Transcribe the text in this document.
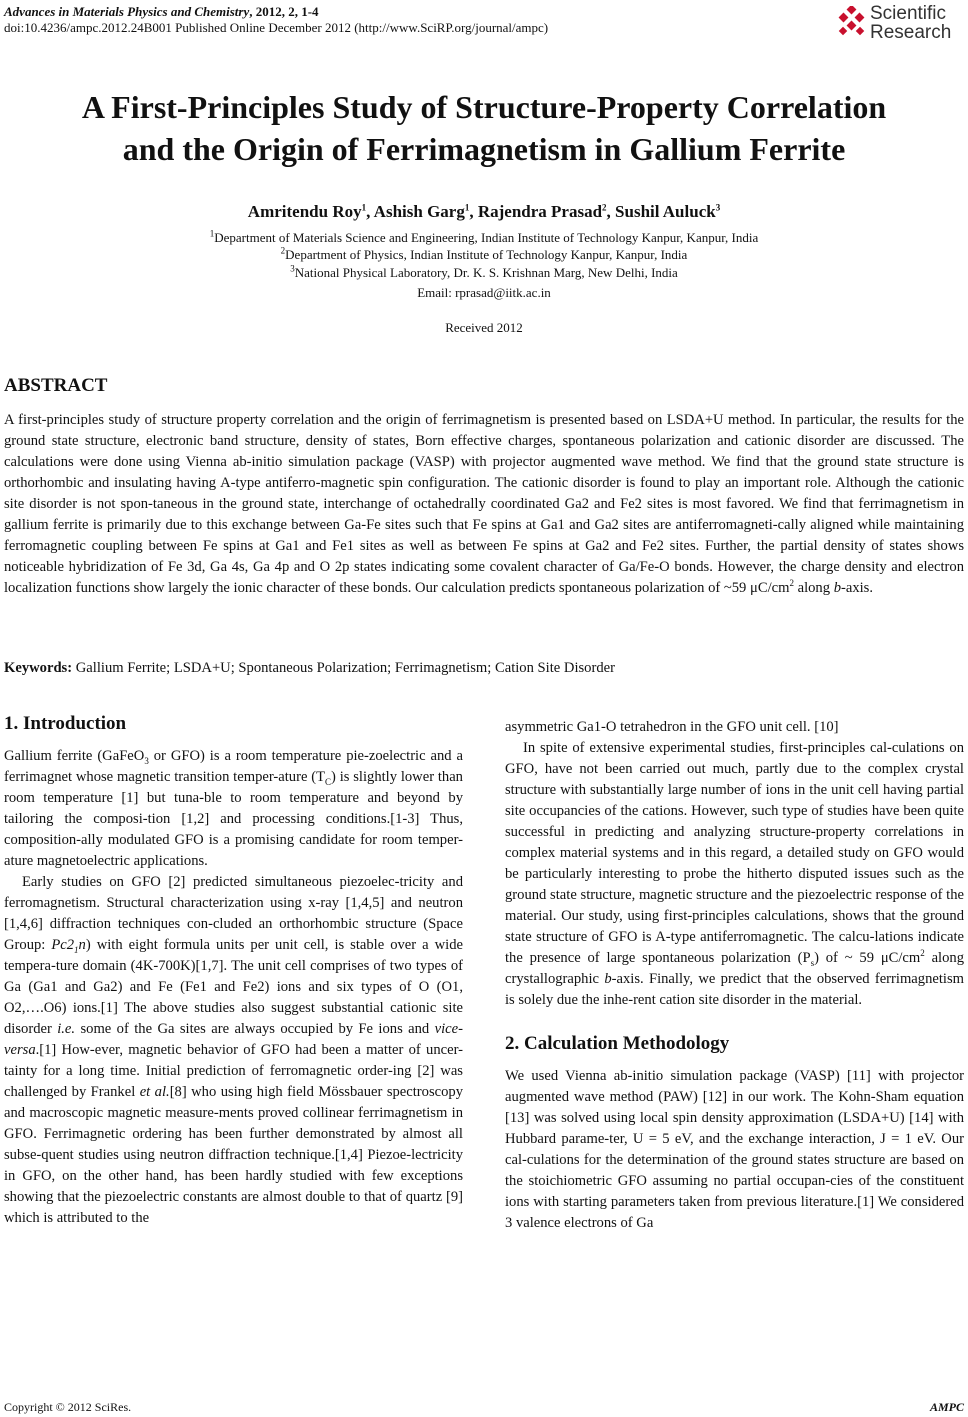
Advances in Materials Physics and Chemistry, 2012, 2, 1-4
doi:10.4236/ampc.2012.24B001 Published Online December 2012 (http://www.SciRP.org/journal/ampc)
Scientific
Research
A First-Principles Study of Structure-Property Correlation
and the Origin of Ferrimagnetism in Gallium Ferrite
Amritendu Roy$^1$, Ashish Garg$^1$, Rajendra Prasad$^2$, Sushil Auluck$^3$
$^1$Department of Materials Science and Engineering, Indian Institute of Technology Kanpur, Kanpur, India
$^2$Department of Physics, Indian Institute of Technology Kanpur, Kanpur, India
$^3$National Physical Laboratory, Dr. K. S. Krishnan Marg, New Delhi, India
Email: rprasad@iitk.ac.in
Received 2012
ABSTRACT
A first-principles study of structure property correlation and the origin of ferrimagnetism is presented based on LSDA+U method. In particular, the results for the ground state structure, electronic band structure, density of states, Born effective charges, spontaneous polarization and cationic disorder are discussed. The calculations were done using Vienna ab-initio simulation package (VASP) with projector augmented wave method. We find that the ground state structure is orthorhombic and insulating having A-type antiferro-magnetic spin configuration. The cationic disorder is found to play an important role. Although the cationic site disorder is not spon-taneous in the ground state, interchange of octahedrally coordinated Ga2 and Fe2 sites is most favored. We find that ferrimagnetism in gallium ferrite is primarily due to this exchange between Ga-Fe sites such that Fe spins at Ga1 and Ga2 sites are antiferromagneti-cally aligned while maintaining ferromagnetic coupling between Fe spins at Ga1 and Fe1 sites as well as between Fe spins at Ga2 and Fe2 sites. Further, the partial density of states shows noticeable hybridization of Fe 3d, Ga 4s, Ga 4p and O 2p states indicating some covalent character of Ga/Fe-O bonds. However, the charge density and electron localization functions show largely the ionic character of these bonds. Our calculation predicts spontaneous polarization of ~59 $\mu C/cm^2$ along b-axis.
Keywords: Gallium Ferrite; LSDA+U; Spontaneous Polarization; Ferrimagnetism; Cation Site Disorder
1. Introduction

Gallium ferrite (GaFeO$_3$ or GFO) is a room temperature pie-zoelectric and a ferrimagnet whose magnetic transition temper-ature $(T_C)$ is slightly lower than room temperature [1] but tuna-ble to room temperature and beyond by tailoring the composi-tion [1,2] and processing conditions.[1-3] Thus, composition-ally modulated GFO is a promising candidate for room temper-ature magnetoelectric applications.

Early studies on GFO [2] predicted simultaneous piezoelec-tricity and ferromagnetism. Structural characterization using x-ray [1,4,5] and neutron [1,4,6] diffraction techniques con-cluded an orthorhombic structure (Space Group: $Pc2_1n$) with eight formula units per unit cell, is stable over a wide tempera-ture domain (4K-700K)[1,7]. The unit cell comprises of two types of Ga (Ga1 and Ga2) and Fe (Fe1 and Fe2) ions and six types of O (O1, O2,….O6) ions.[1] The above studies also suggest substantial cationic site disorder i.e. some of the Ga sites are always occupied by Fe ions and vice-versa.[1] How-ever, magnetic behavior of GFO had been a matter of uncer-tainty for a long time. Initial prediction of ferromagnetic order-ing [2] was challenged by Frankel et al.[8] who using high field Mössbauer spectroscopy and macroscopic magnetic measure-ments proved collinear ferrimagnetism in GFO. Ferrimagnetic ordering has been further demonstrated by almost all subse-quent studies using neutron diffraction technique.[1,4] Piezoe-lectricity in GFO, on the other hand, has been hardly studied with few exceptions showing that the piezoelectric constants are almost double to that of quartz [9] which is attributed to the

asymmetric Ga1-O tetrahedron in the GFO unit cell. [10]

In spite of extensive experimental studies, first-principles cal-culations on GFO, have not been carried out much, partly due to the complex crystal structure with substantially large number of ions in the unit cell having partial site occupancies of the cations. However, such type of studies have been quite successful in predicting and analyzing structure-property correlations in complex material systems and in this regard, a detailed study on GFO would be particularly interesting to probe the hitherto disputed issues such as the ground state structure, magnetic structure and the piezoelectric response of the material. Our study, using first-principles calculations, shows that the ground state structure of GFO is A-type antiferromagnetic. The calcu-lations indicate the presence of large spontaneous polarization $(P_s)$ of ~ 59 $\mu C/cm^2$ along crystallographic b-axis. Finally, we predict that the observed ferrimagnetism is solely due the inhe-rent cation site disorder in the material.

2. Calculation Methodology

We used Vienna ab-initio simulation package (VASP) [11] with projector augmented wave method (PAW) [12] in our work. The Kohn-Sham equation [13] was solved using local spin density approximation (LSDA+U) [14] with Hubbard parame-ter, U = 5 eV, and the exchange interaction, J = 1 eV. Our cal-culations for the determination of the ground states structure are based on the stoichiometric GFO assuming no partial occupan-cies of the constituent ions with starting parameters taken from previous literature.[1] We considered 3 valence electrons of Ga

Copyright © 2012 SciRes.	AMPC
